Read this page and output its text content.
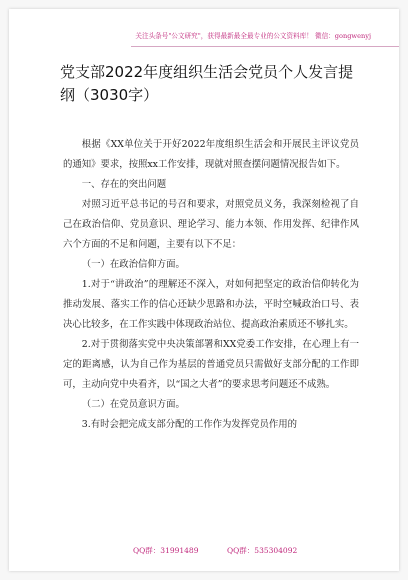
关注头条号"公文研究"，获得最新最全最专业的公文资料库！ 微信：gongwenyj
党支部2022年度组织生活会党员个人发言提纲（3030字）

根据《XX单位关于开好2022年度组织生活会和开展民主评议党员的通知》要求，按照xx工作安排，现就对照查摆问题情况报告如下。

一、存在的突出问题

对照习近平总书记的号召和要求，对照党员义务，我深刻检视了自己在政治信仰、党员意识、理论学习、能力本领、作用发挥、纪律作风六个方面的不足和问题，主要有以下不足：

（一）在政治信仰方面。

1.对于“讲政治”的理解还不深入，对如何把坚定的政治信仰转化为推动发展、落实工作的信心还缺少思路和办法，平时空喊政治口号、表决心比较多，在工作实践中体现政治站位、提高政治素质还不够扎实。

2.对于贯彻落实党中央决策部署和XX党委工作安排，在心理上有一定的距离感，认为自己作为基层的普通党员只需做好支部分配的工作即可，主动向党中央看齐，以“国之大者”的要求思考问题还不成熟。

（二）在党员意识方面。

3.有时会把完成支部分配的工作作为发挥党员作用的

QQ群：31991489	QQ群：535304092
